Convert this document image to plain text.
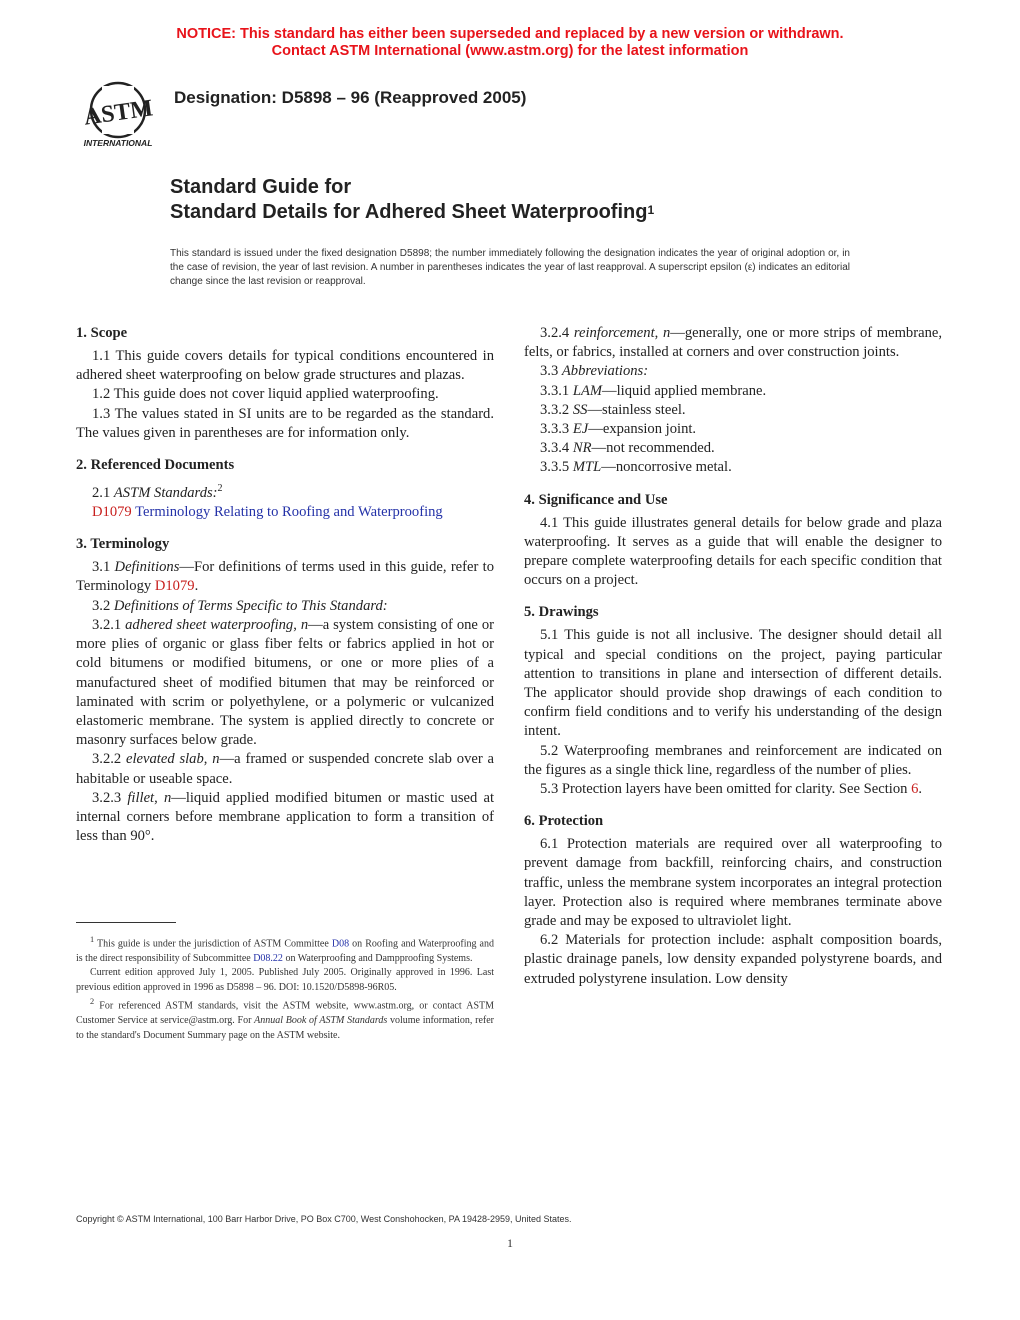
NOTICE: This standard has either been superseded and replaced by a new version or withdrawn.
Contact ASTM International (www.astm.org) for the latest information
ASTM
INTERNATIONAL
Designation: D5898 – 96 (Reapproved 2005)
Standard Guide for
Standard Details for Adhered Sheet Waterproofing$^1$
This standard is issued under the fixed designation D5898; the number immediately following the designation indicates the year of original adoption or, in the case of revision, the year of last revision. A number in parentheses indicates the year of last reapproval. A superscript epsilon (ε) indicates an editorial change since the last revision or reapproval.
1. Scope

1.1 This guide covers details for typical conditions encountered in adhered sheet waterproofing on below grade structures and plazas.

1.2 This guide does not cover liquid applied waterproofing.

1.3 The values stated in SI units are to be regarded as the standard. The values given in parentheses are for information only.

2. Referenced Documents

2.1 ASTM Standards:$^2$

D1079 Terminology Relating to Roofing and Waterproofing

3. Terminology

3.1 Definitions—For definitions of terms used in this guide, refer to Terminology D1079.

3.2 Definitions of Terms Specific to This Standard:

3.2.1 adhered sheet waterproofing, n—a system consisting of one or more plies of organic or glass fiber felts or fabrics applied in hot or cold bitumens or modified bitumens, or one or more plies of a manufactured sheet of modified bitumen that may be reinforced or laminated with scrim or polyethylene, or a polymeric or vulcanized elastomeric membrane. The system is applied directly to concrete or masonry surfaces below grade.

3.2.2 elevated slab, n—a framed or suspended concrete slab over a habitable or useable space.

3.2.3 fillet, n—liquid applied modified bitumen or mastic used at internal corners before membrane application to form a transition of less than 90°.

$^1$ This guide is under the jurisdiction of ASTM Committee D08 on Roofing and Waterproofing and is the direct responsibility of Subcommittee D08.22 on Waterproofing and Dampproofing Systems.

Current edition approved July 1, 2005. Published July 2005. Originally approved in 1996. Last previous edition approved in 1996 as D5898 – 96. DOI: 10.1520/D5898-96R05.

$^2$ For referenced ASTM standards, visit the ASTM website, www.astm.org, or contact ASTM Customer Service at service@astm.org. For Annual Book of ASTM Standards volume information, refer to the standard's Document Summary page on the ASTM website.

3.2.4 reinforcement, n—generally, one or more strips of membrane, felts, or fabrics, installed at corners and over construction joints.

3.3 Abbreviations:

3.3.1 LAM—liquid applied membrane.

3.3.2 SS—stainless steel.

3.3.3 EJ—expansion joint.

3.3.4 NR—not recommended.

3.3.5 MTL—noncorrosive metal.

4. Significance and Use

4.1 This guide illustrates general details for below grade and plaza waterproofing. It serves as a guide that will enable the designer to prepare complete waterproofing details for each specific condition that occurs on a project.

5. Drawings

5.1 This guide is not all inclusive. The designer should detail all typical and special conditions on the project, paying particular attention to transitions in plane and intersection of different details. The applicator should provide shop drawings of each condition to confirm field conditions and to verify his understanding of the design intent.

5.2 Waterproofing membranes and reinforcement are indicated on the figures as a single thick line, regardless of the number of plies.

5.3 Protection layers have been omitted for clarity. See Section 6.

6. Protection

6.1 Protection materials are required over all waterproofing to prevent damage from backfill, reinforcing chairs, and construction traffic, unless the membrane system incorporates an integral protection layer. Protection also is required where membranes terminate above grade and may be exposed to ultraviolet light.

6.2 Materials for protection include: asphalt composition boards, plastic drainage panels, low density expanded polystyrene boards, and extruded polystyrene insulation. Low density

Copyright © ASTM International, 100 Barr Harbor Drive, PO Box C700, West Conshohocken, PA 19428-2959, United States.
1
